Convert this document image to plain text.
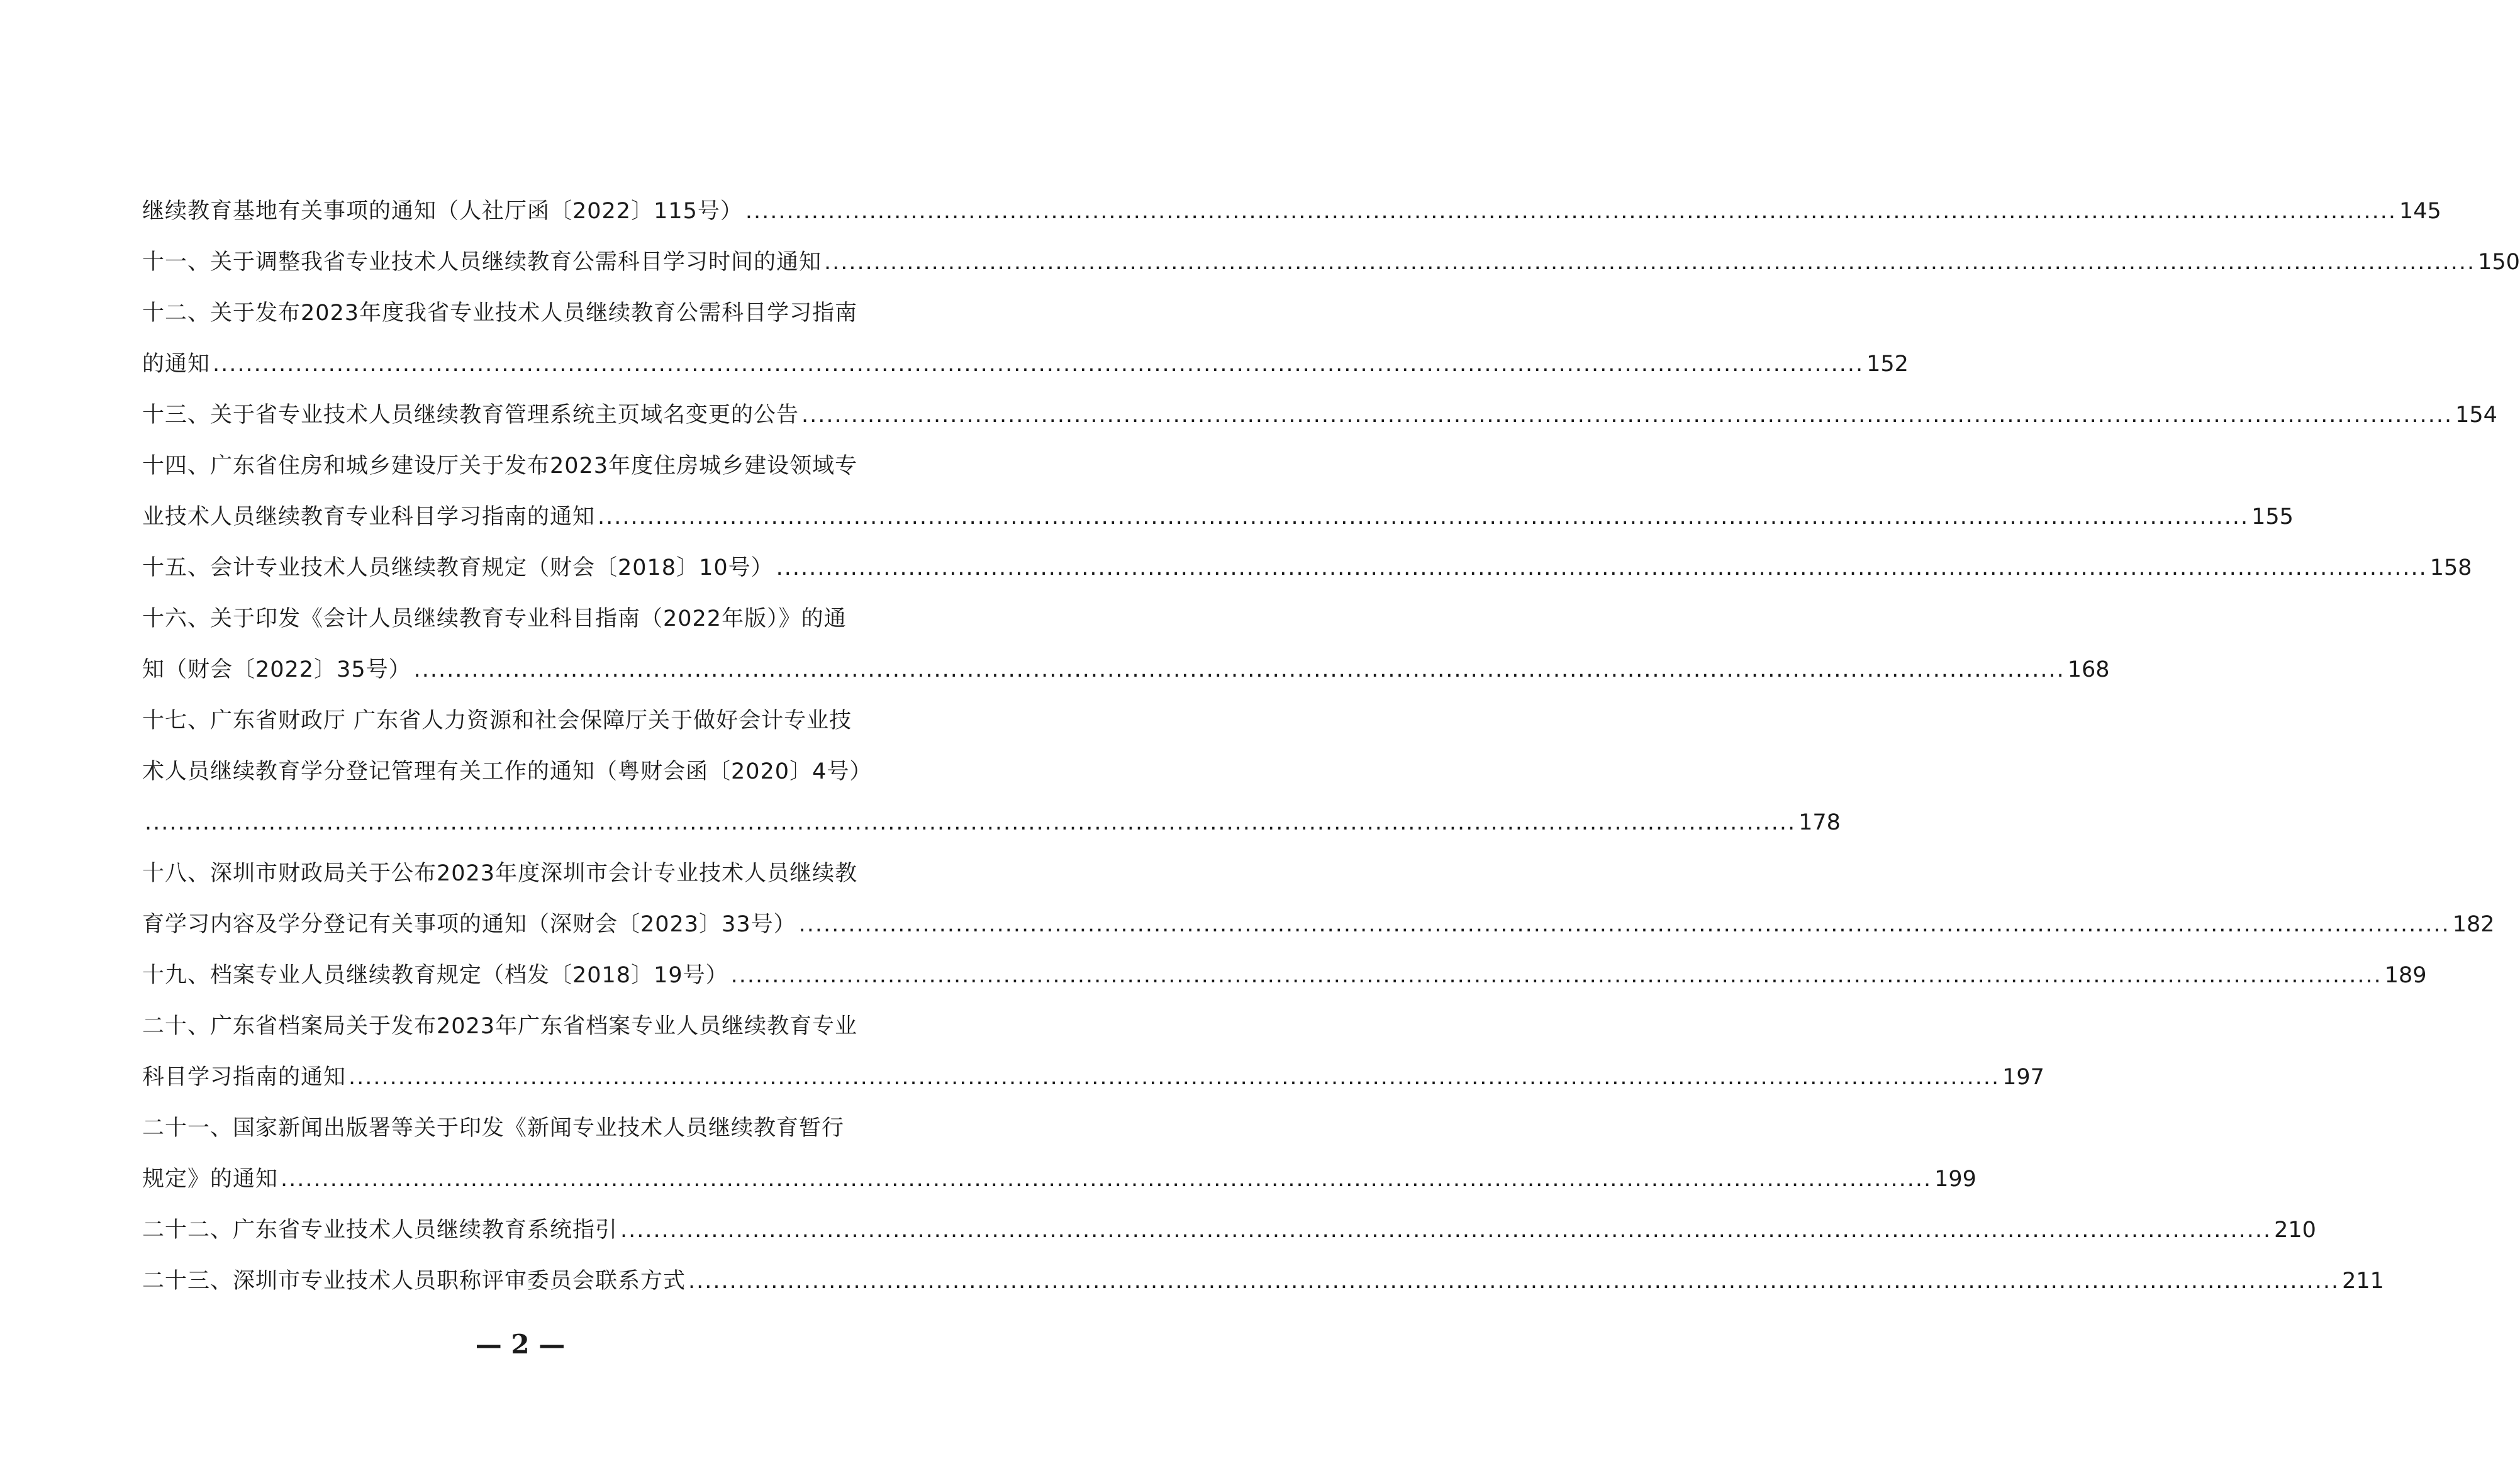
继续教育基地有关事项的通知（人社厅函〔2022〕115号） ........................................................................................................................................................................................................ 145
十一、关于调整我省专业技术人员继续教育公需科目学习时间的通知 ........................................................................................................................................................................................................ 150
十二、关于发布2023年度我省专业技术人员继续教育公需科目学习指南
的通知 ........................................................................................................................................................................................................ 152
十三、关于省专业技术人员继续教育管理系统主页域名变更的公告 ........................................................................................................................................................................................................ 154
十四、广东省住房和城乡建设厅关于发布2023年度住房城乡建设领域专
业技术人员继续教育专业科目学习指南的通知 ........................................................................................................................................................................................................ 155
十五、会计专业技术人员继续教育规定（财会〔2018〕10号） ........................................................................................................................................................................................................ 158
十六、关于印发《会计人员继续教育专业科目指南（2022年版）》的通
知（财会〔2022〕35号） ........................................................................................................................................................................................................ 168
十七、广东省财政厅 广东省人力资源和社会保障厅关于做好会计专业技
术人员继续教育学分登记管理有关工作的通知（粤财会函〔2020〕4号）
........................................................................................................................................................................................................ 178
十八、深圳市财政局关于公布2023年度深圳市会计专业技术人员继续教
育学习内容及学分登记有关事项的通知（深财会〔2023〕33号） ........................................................................................................................................................................................................ 182
十九、档案专业人员继续教育规定（档发〔2018〕19号） ........................................................................................................................................................................................................ 189
二十、广东省档案局关于发布2023年广东省档案专业人员继续教育专业
科目学习指南的通知 ........................................................................................................................................................................................................ 197
二十一、国家新闻出版署等关于印发《新闻专业技术人员继续教育暂行
规定》的通知 ........................................................................................................................................................................................................ 199
二十二、广东省专业技术人员继续教育系统指引 ........................................................................................................................................................................................................ 210
二十三、深圳市专业技术人员职称评审委员会联系方式 ........................................................................................................................................................................................................ 211
— 2 —
